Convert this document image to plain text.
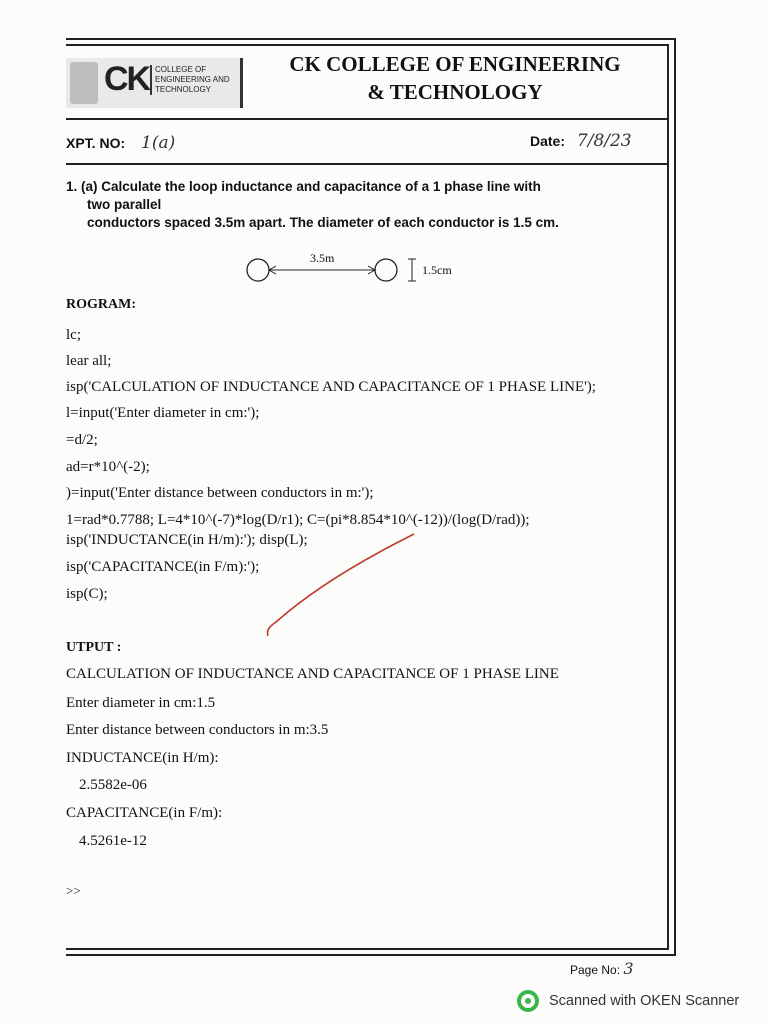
CK COLLEGE OF
ENGINEERING AND
TECHNOLOGY
CK COLLEGE OF ENGINEERING
& TECHNOLOGY
XPT. NO: 1(a)	Date: 7/8/23
1. (a) Calculate the loop inductance and capacitance of a 1 phase line with
two parallel
conductors spaced 3.5m apart. The diameter of each conductor is 1.5 cm.
3.5m
1.5cm
ROGRAM:
lc;
lear all;
isp('CALCULATION OF INDUCTANCE AND CAPACITANCE OF 1 PHASE LINE');
l=input('Enter diameter in cm:');
=d/2;
ad=r*10^(-2);
)=input('Enter distance between conductors in m:');
1=rad*0.7788; L=4*10^(-7)*log(D/r1); C=(pi*8.854*10^(-12))/(log(D/rad));
isp('INDUCTANCE(in H/m):'); disp(L);
isp('CAPACITANCE(in F/m):');
isp(C);
UTPUT :
CALCULATION OF INDUCTANCE AND CAPACITANCE OF 1 PHASE LINE
Enter diameter in cm:1.5
Enter distance between conductors in m:3.5
INDUCTANCE(in H/m):
2.5582e-06
CAPACITANCE(in F/m):
4.5261e-12
>>
Page No: 3
Scanned with OKEN Scanner
